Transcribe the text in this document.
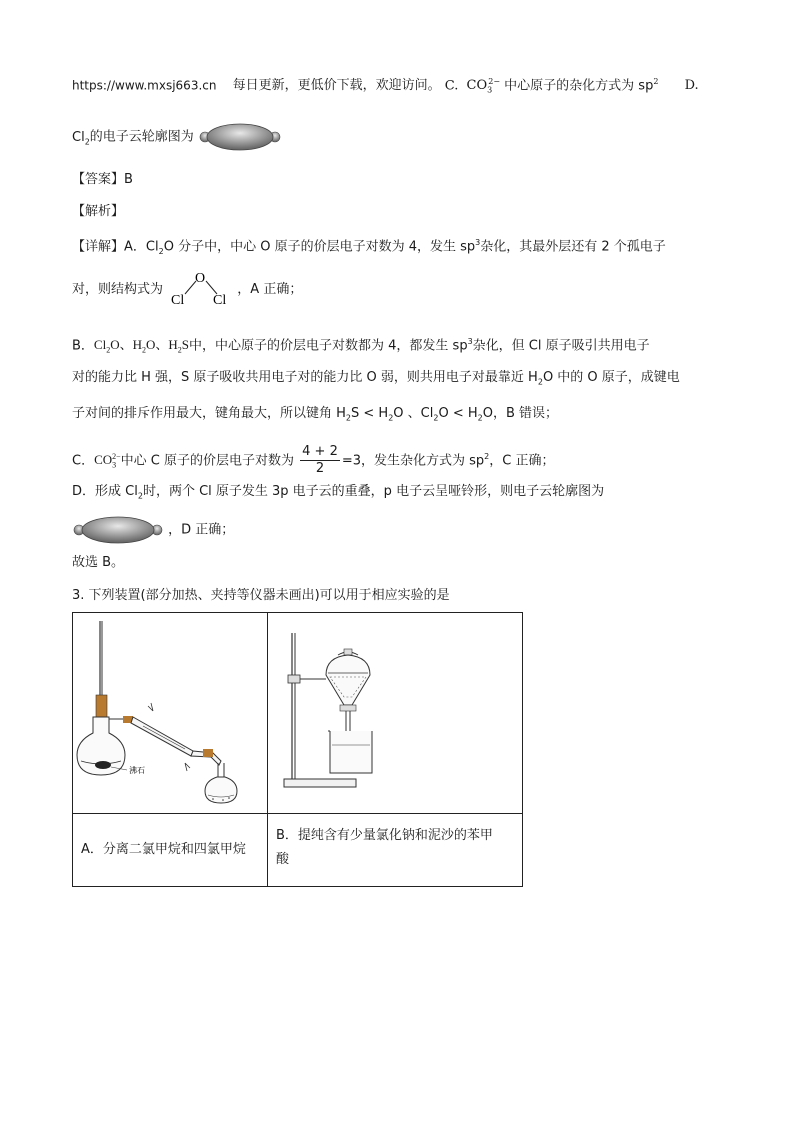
https://www.mxsj663.cn 每日更新，更低价下载，欢迎访问。 C. $CO_3^{2-}$ 中心原子的杂化方式为 $sp^2$ D.
$Cl_2$的电子云轮廓图为
【答案】B
【解析】
【详解】A．$Cl_2O$ 分子中，中心 O 原子的价层电子对数为 4，发生 $sp^3$杂化，其最外层还有 2 个孤电子
对，则结构式为
O
Cl Cl
，A 正确；
B．$Cl_2O$、$H_2O$、$H_2S$中，中心原子的价层电子对数都为 4，都发生 $sp^3$杂化，但 Cl 原子吸引共用电子
对的能力比 H 强，S 原子吸收共用电子对的能力比 O 弱，则共用电子对最靠近 $H_2O$ 中的 O 原子，成键电
子对间的排斥作用最大，键角最大，所以键角 $H_2S < H_2O$ 、$Cl_2O < H_2O$，B 错误；
C．$CO_3^{2-}$中心 C 原子的价层电子对数为 $\frac{4 + 2}{2} =3$，发生杂化方式为 $sp^2$，C 正确；
D．形成 $Cl_2$时，两个 Cl 原子发生 3p 电子云的重叠，p 电子云呈哑铃形，则电子云轮廓图为
，D 正确；
故选 B。
3. 下列装置(部分加热、夹持等仪器未画出)可以用于相应实验的是
沸石

A．分离二氯甲烷和四氯甲烷	B．提纯含有少量氯化钠和泥沙的苯甲
酸
